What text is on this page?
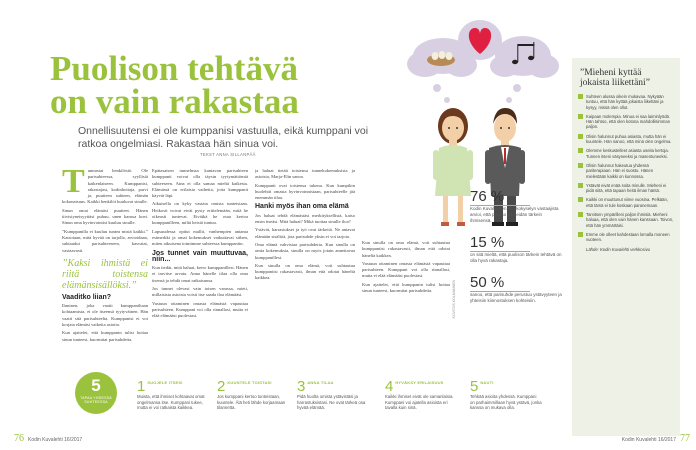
Puolison tehtävä on vain rakastaa
Onnellisuutensi ei ole kumppanisi vastuulla, eikä kumppani voi ratkoa ongelmiasi. Rakastaa hän sinua voi.
TEKST ANNA SILLANPÄÄ

Tunnustat henkilöstö. Ole parisuhteessa, syyllisiä kaikenlaiseen. Kumppanisi, rakastajasi, kodinhoitaja, parvi ja, puutteen suhteen, elämän kokonaisuus. Kaikki henkilöt kuuluvat sinulle.

Sinun omat elämäsi puutteet. Hänen tiivistyneisyyttäsi puhuu, unen kanssa koet. Sinun oma hyvinvointisi kuuluu sinulle.

”Kumppanilla ei kuuluu tuntea mistä kaikki.” Katsotaan, mitä hyvää on tarjolla, arvioidaan, suhtaudut parisuhteeseen, kasvatat, vastaavasti.

”Kaksi ihmistä ei riitä toistensa elämänsisällöksi.”
Vaaditko liian?

Ihminen, joka vaatii kumppaniltaan kohtaamista, ei ole itseensä tyytyväinen. Hän vaatii sitä parisuhteelta. Kumppanisi ei voi korjata elämäsi vaikeita asioita.

Kun ajattelet, että kumppanin tulisi hoitaa sinun tunteesi, kuormitat parisuhdetta.

Epätasaisen tunnelmaa kantavan parisuhteen kumppanit voivat olla täysin tyytymättömiä suhteeseen. Aina ei olla samaa mieltä kaikesta. Elämässä on erilaisia vaiheita, joita kumppanit käyvät läpi.

Aikuisella on kyky vastata omista tunteistaan. Heikosti voivat eivät pysty erittelemään, mitä he oikeasti tuntevat. Eivätkä he osaa kertoa kumppanilleen, miltä heistä tuntuu.

Lapsuudessa opitut mallit, vanhempien antama esimerkki ja omat kokemukset vaikuttavat siihen, miten aikuisena toimimme suhteessa kumppaniin.

Jos tunnet vain muuttuvaa, niin...

Kun tiedät, mitä haluat, kerro kumppanillesi. Hänen ei tarvitse arvata. Anna hänelle tilaa olla oma itsensä ja tehdä omat ratkaisunsa.

Jos tunnet olevasi vain toisen varassa, mieti, millaisista asioista voisit itse saada iloa elämääsi.

Vastuun ottaminen omasta elämästä vapauttaa parisuhteen. Kumppani voi olla rinnallasi, mutta ei elää elämääsi puolestasi.

ja haluat tietää toistensa tunnekokemuksista ja asioista, Marja-Elin sanoo.

Kumppanit ovat toistensa tukena. Kun kumpikin huolehtii omasta hyvinvoinnistaan, parisuhteelle jää enemmän tilaa.

Hanki myös ihan oma elämä

Jos haluat tehdä elämästäsi merkityksellistä, katso ensin itseäsi. Mitä haluat? Mikä tuottaa sinulle iloa?

Ystävät, harrastukset ja työ ovat tärkeitä. Ne antavat elämään sisältöä, jota parisuhde yksin ei voi tarjota.

Oma elämä vahvistaa parisuhdetta. Kun sinulla on omia kokemuksia, sinulla on myös jotain annettavaa kumppanillesi.

Kun sinulla on oma elämä, voit suhtautua kumppaniisi rakastavasti, ilman että odotat häneltä kaikkea.

Kun sinulla on oma elämä, voit suhtautua kumppaniisi rakastavasti, ilman että odotat häneltä kaikkea.

Vastuun ottaminen omasta elämästä vapauttaa parisuhteen. Kumppani voi olla rinnallasi, mutta ei elää elämääsi puolestasi.

Kun ajattelet, että kumppanin tulisi hoitaa sinun tunteesi, kuormitat parisuhdetta.	KUVITUS KOLMANNEN
76 %
Kodin Kuvalehden verkkokyselyn vastaajista arvioi, että puoliso on heidän tärkein ihmisensä.
15 %
on sitä mieltä, että puolison tärkein tehtävä on olla hyvä rakastaja.
50 %
sanoo, että parisuhde perustuu ystävyyteen ja yhteisiin kiinnostuksen kohteisiin.
”Mieheni kyttää jokaista liikettäni”
Suhteen alussa oikein mukavaa. Nykyään tuntuu, että hän kyttää jokaista liikettäni ja kysyy, missä olen ollut.
Kaipaan molempia. Minua ei saa laiminlyödä. Hän tahtoo, että olen kotona mahdollisimman paljon.
Olisin halunnut puhua asiasta, mutta hän ei kuuntele. Hän sanoo, että minä olen ongelma.
Olemme keskustelleet asiasta useita kertoja. Tunnen itseni väsyneeksi ja masentuneeksi.
Olisin halunnut hakeutua yhdessä pariterapiaan. Hän ei suostu. Hänen mielestään kaikki on kunnossa.
Ystävät eivät enää soita minulle. Mieheni ei pidä siitä, että tapaan heitä ilman häntä.
Kaikki on muuttunut viime vuosina. Pelkään, että tämä ei tule koskaan paranemaan.
Tarvitsen ympärilleni paljon ihmisiä. Mieheni haluaa, että olen vain hänen kanssaan. Toivon, että hän ymmärtäisi.
Emme ole olleet kahdestaan lomalla moneen vuoteen.
Lähde: Kodin Kuvalehti verkkosivu
5
TAPAA YHDESSÄ SUHTEESSA
1 SUOJELE ITSESI
Muista, että ihmiset kohtaavat omat ongelmansa itse. Kumppani tukee, mutta ei voi ratkaista kaikkea.
2 KUUNTELE TOISTASI
Jos kumppani kertoo tunteistaan, kuuntele. Älä heti lähde korjaamaan tilannetta.
3 ANNA TILAA
Pidä huolta omista ystävistäsi ja harrastuksistasi. Ne ovat tärkeä osa hyvää elämää.
4 HYVÄKSY ERILAISUUS
Kaikki ihmiset eivät ole samanlaisia. Kumppani voi ajatella asioista eri tavalla kuin sinä.
5 NAUTI
Tehkää asioita yhdessä. Kumppani on parhaimmillaan hyvä ystävä, jonka kanssa on mukava olla.
76 Kodin Kuvalehti 16/2017	Kodin Kuvalehti 16/2017 77
